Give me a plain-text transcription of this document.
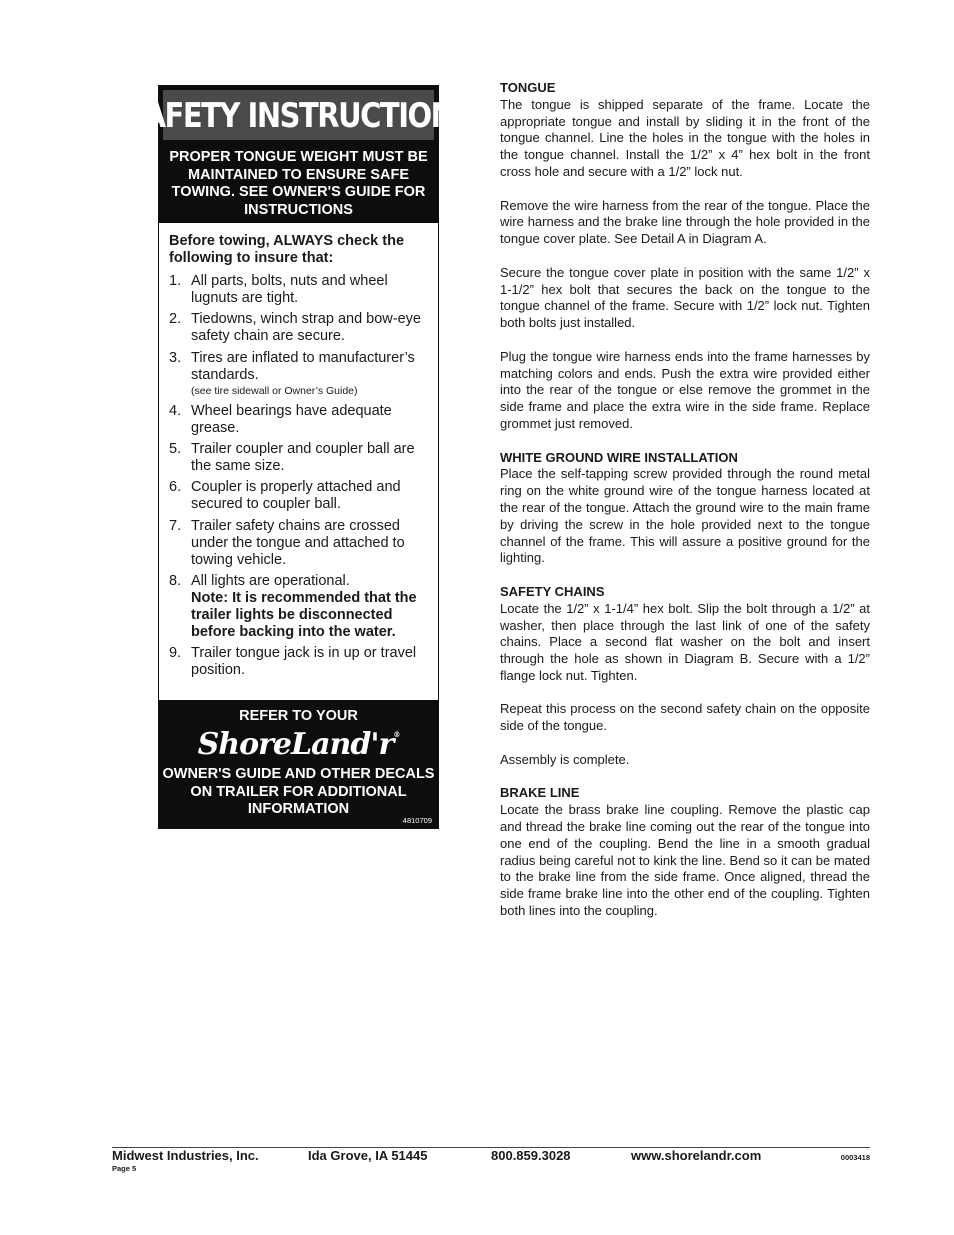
SAFETY INSTRUCTIONS
PROPER TONGUE WEIGHT MUST BE MAINTAINED TO ENSURE SAFE TOWING. SEE OWNER'S GUIDE FOR INSTRUCTIONS
Before towing, ALWAYS check the following to insure that:
1. All parts, bolts, nuts and wheel lugnuts are tight.
2. Tiedowns, winch strap and bow-eye safety chain are secure.
3. Tires are inflated to manufacturer’s standards.
(see tire sidewall or Owner’s Guide)
4. Wheel bearings have adequate grease.
5. Trailer coupler and coupler ball are the same size.
6. Coupler is properly attached and secured to coupler ball.
7. Trailer safety chains are crossed under the tongue and attached to towing vehicle.
8. All lights are operational.
Note: It is recommended that the trailer lights be disconnected before backing into the water.
9. Trailer tongue jack is in up or travel position.
REFER TO YOUR
ShoreLand'r®
OWNER'S GUIDE AND OTHER DECALS ON TRAILER FOR ADDITIONAL INFORMATION
4810709
TONGUE

The tongue is shipped separate of the frame. Locate the appropriate tongue and install by sliding it in the front of the tongue channel. Line the holes in the tongue with the holes in the tongue channel. Install the 1/2” x 4” hex bolt in the front cross hole and secure with a 1/2” lock nut.

Remove the wire harness from the rear of the tongue. Place the wire harness and the brake line through the hole provided in the tongue cover plate. See Detail A in Diagram A.

Secure the tongue cover plate in position with the same 1/2” x 1-1/2” hex bolt that secures the back on the tongue to the tongue channel of the frame. Secure with 1/2” lock nut. Tighten both bolts just installed.

Plug the tongue wire harness ends into the frame harnesses by matching colors and ends. Push the extra wire provided either into the rear of the tongue or else remove the grommet in the side frame and place the extra wire in the side frame. Replace grommet just removed.

WHITE GROUND WIRE INSTALLATION

Place the self-tapping screw provided through the round metal ring on the white ground wire of the tongue harness located at the rear of the tongue. Attach the ground wire to the main frame by driving the screw in the hole provided next to the tongue channel of the frame. This will assure a positive ground for the lighting.

SAFETY CHAINS

Locate the 1/2” x 1-1/4” hex bolt. Slip the bolt through a 1/2” at washer, then place through the last link of one of the safety chains. Place a second flat washer on the bolt and insert through the hole as shown in Diagram B. Secure with a 1/2” flange lock nut. Tighten.

Repeat this process on the second safety chain on the opposite side of the tongue.

Assembly is complete.

BRAKE LINE

Locate the brass brake line coupling. Remove the plastic cap and thread the brake line coming out the rear of the tongue into one end of the coupling. Bend the line in a smooth gradual radius being careful not to kink the line. Bend so it can be mated to the brake line from the side frame. Once aligned, thread the side frame brake line into the other end of the coupling. Tighten both lines into the coupling.

Midwest Industries, Inc.	Ida Grove, IA 51445	800.859.3028	www.shorelandr.com	0003418
Page 5
